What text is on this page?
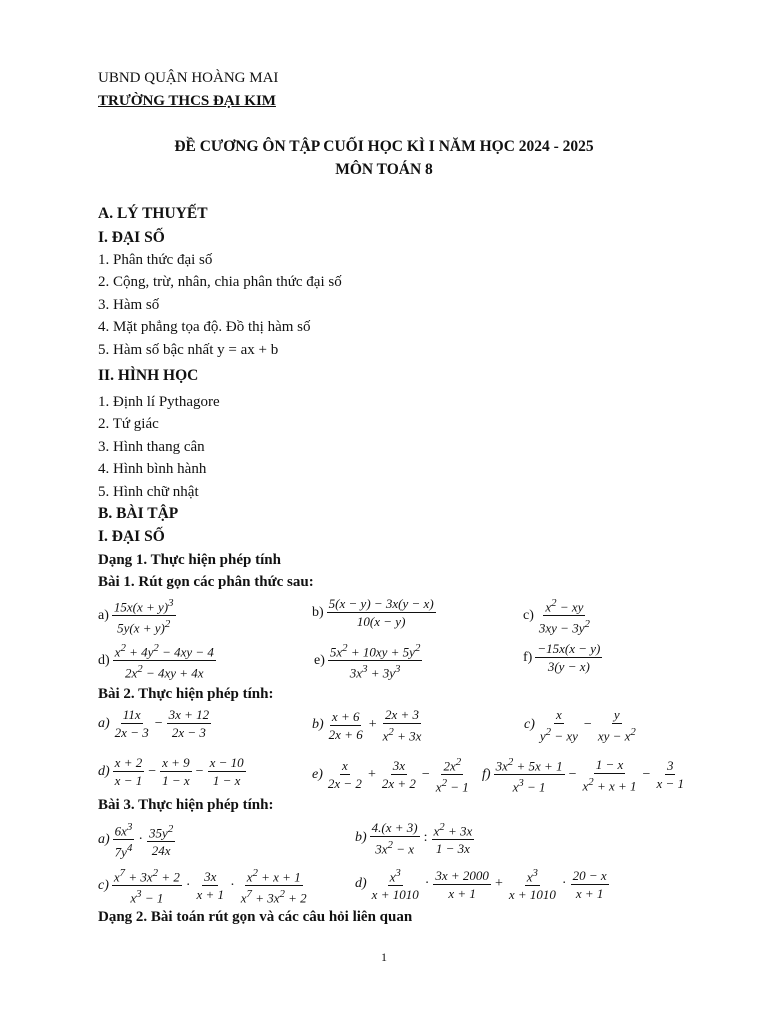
UBND QUẬN HOÀNG MAI
TRƯỜNG THCS ĐẠI KIM
ĐỀ CƯƠNG ÔN TẬP CUỐI HỌC KÌ I NĂM HỌC 2024 - 2025
MÔN TOÁN 8
A. LÝ THUYẾT
I. ĐẠI SỐ
1. Phân thức đại số
2. Cộng, trừ, nhân, chia phân thức đại số
3. Hàm số
4. Mặt phẳng tọa độ. Đồ thị hàm số
5. Hàm số bậc nhất y = ax + b
II. HÌNH HỌC
1. Định lí Pythagore
2. Tứ giác
3. Hình thang cân
4. Hình bình hành
5. Hình chữ nhật
B. BÀI TẬP
I. ĐẠI SỐ
Dạng 1. Thực hiện phép tính
Bài 1. Rút gọn các phân thức sau:
a)
$15x(x + y)^3$
$5y(x + y)^2$
b)
5(x − y) − 3x(y − x)
10(x − y)	c)
$x^2$ − xy
$3xy - 3y^2$
d)
$x^2 + 4y^2 - 4xy - 4$
$2x^2 - 4xy + 4x$
e)
$5x^2 + 10xy + 5y^2$
$3x^3 + 3y^3$
f)
−15x(x − y)
3(y − x)
Bài 2. Thực hiện phép tính:
a)
11x
2x − 3
− $\frac{3x + 12}{2x - 3}$	b)
x + 6
2x + 6
+ $\frac{2x + 3}{x^2 + 3x}$	c)
x
$y^2$ − xy
− $\frac{y}{xy - x^2}$
d)
x + 2
x − 1
− $\frac{x + 9}{1 - x} - \frac{x - 10}{1 - x}$	e)
x
2x − 2
+ $\frac{3x}{2x + 2} - \frac{2x^2}{x^2 - 1} f$)
$3x^2 + 5x + 1$
$x^3 - 1$
− $\frac{1 - x}{x^2 + x + 1} - \frac{3}{x - 1}$
Bài 3. Thực hiện phép tính:
a)
$6x^3$
$7y^4$
· $35y^2$
24x
b)
4.(x + 3)
$3x^2 - x$
: $x^2 + 3x$
1 − 3x
c)
$x^7 + 3x^2 + 2$
$x^3 - 1$
·
3x
x + 1
·
$x^2 + x + 1$
$x^7 + 3x^2 + 2$
d) $x^3$
x + 1010
·
3x + 2000
x + 1
+ $\frac{x^3}{x + 1010}$ ·
20 − x
x + 1
Dạng 2. Bài toán rút gọn và các câu hỏi liên quan
1
